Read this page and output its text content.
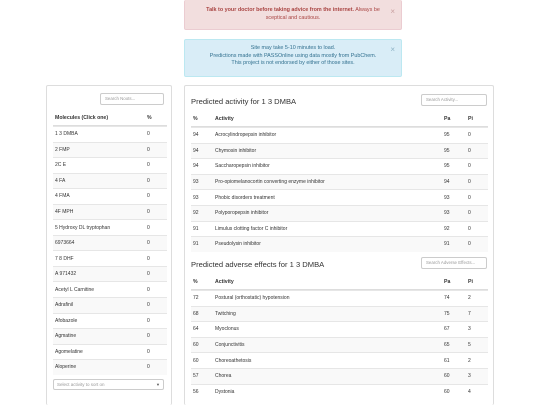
Talk to your doctor before taking advice from the internet. Always be sceptical and cautious.
×
Site may take 5-10 minutes to load.
Predictions made with PASSOnline using data mostly from PubChem.
This project is not endorsed by either of those sites.
×
Search Noots...
Molecules (Click one)	%
1 3 DMBA	0
2 FMP	0
2C E	0
4 FA	0
4 FMA	0
4F MPH	0
5 Hydroxy DL tryptophan	0
6973664	0
7 8 DHF	0
A 971432	0
Acetyl L Carnitine	0
Adrafinil	0
Afobazole	0
Agmatine	0
Agomelatine	0
Aloperine	0
Select activity to sort on	▼
Predicted activity for 1 3 DMBA	Search Activity...
%	Activity	Pa	Pi
94	Acrocylindropepsin inhibitor	95	0
94	Chymosin inhibitor	95	0
94	Saccharopepsin inhibitor	95	0
93	Pro-opiomelanocortin converting enzyme inhibitor	94	0
93	Phobic disorders treatment	93	0
92	Polyporopepsin inhibitor	93	0
91	Limulus clotting factor C inhibitor	92	0
91	Pseudolysin inhibitor	91	0
Predicted adverse effects for 1 3 DMBA	Search Adverse Effects...
%	Activity	Pa	Pi
72	Postural (orthostatic) hypotension	74	2
68	Twitching	75	7
64	Myoclonus	67	3
60	Conjunctivitis	65	5
60	Choreoathetosis	61	2
57	Chorea	60	3
56	Dystonia	60	4
